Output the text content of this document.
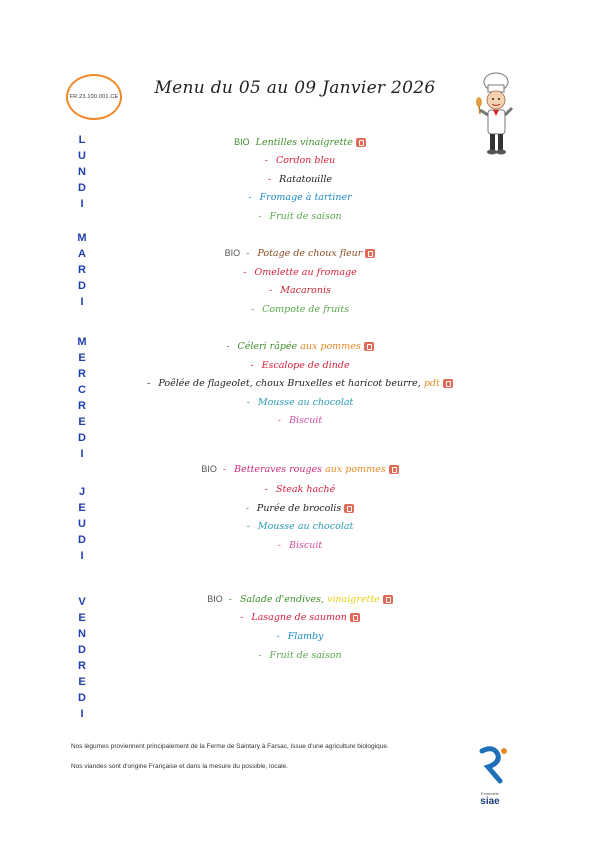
FR.23.100.001.CE	Menu du 05 au 09 Janvier 2026
L
U
N
D
I
M
A
R
D
I
M
E
R
C
R
E
D
I
J
E
U
D
I
V
E
N
D
R
E
D
I
BIO Lentilles vinaigrette
- Cordon bleu
- Ratatouille
- Fromage à tartiner
- Fruit de saison
BIO - Potage de choux fleur
- Omelette au fromage
- Macaronis
- Compote de fruits
- Céleri râpée aux pommes
- Escalope de dinde
- Poêlée de flageolet, choux Bruxelles et haricot beurre, pdt
- Mousse au chocolat
- Biscuit
BIO - Betteraves rouges aux pommes
- Steak haché
- Purée de brocolis
- Mousse au chocolat
- Biscuit
BIO - Salade d'endives, vinaigrette
- Lasagne de saumon
- Flamby
- Fruit de saison
Nos légumes proviennent principalement de la Ferme de Saintary à Farsac, issue d'une agriculture biologique.
Nos viandes sont d'origine Française et dans la mesure du possible, locale.
Ensemble
siae
